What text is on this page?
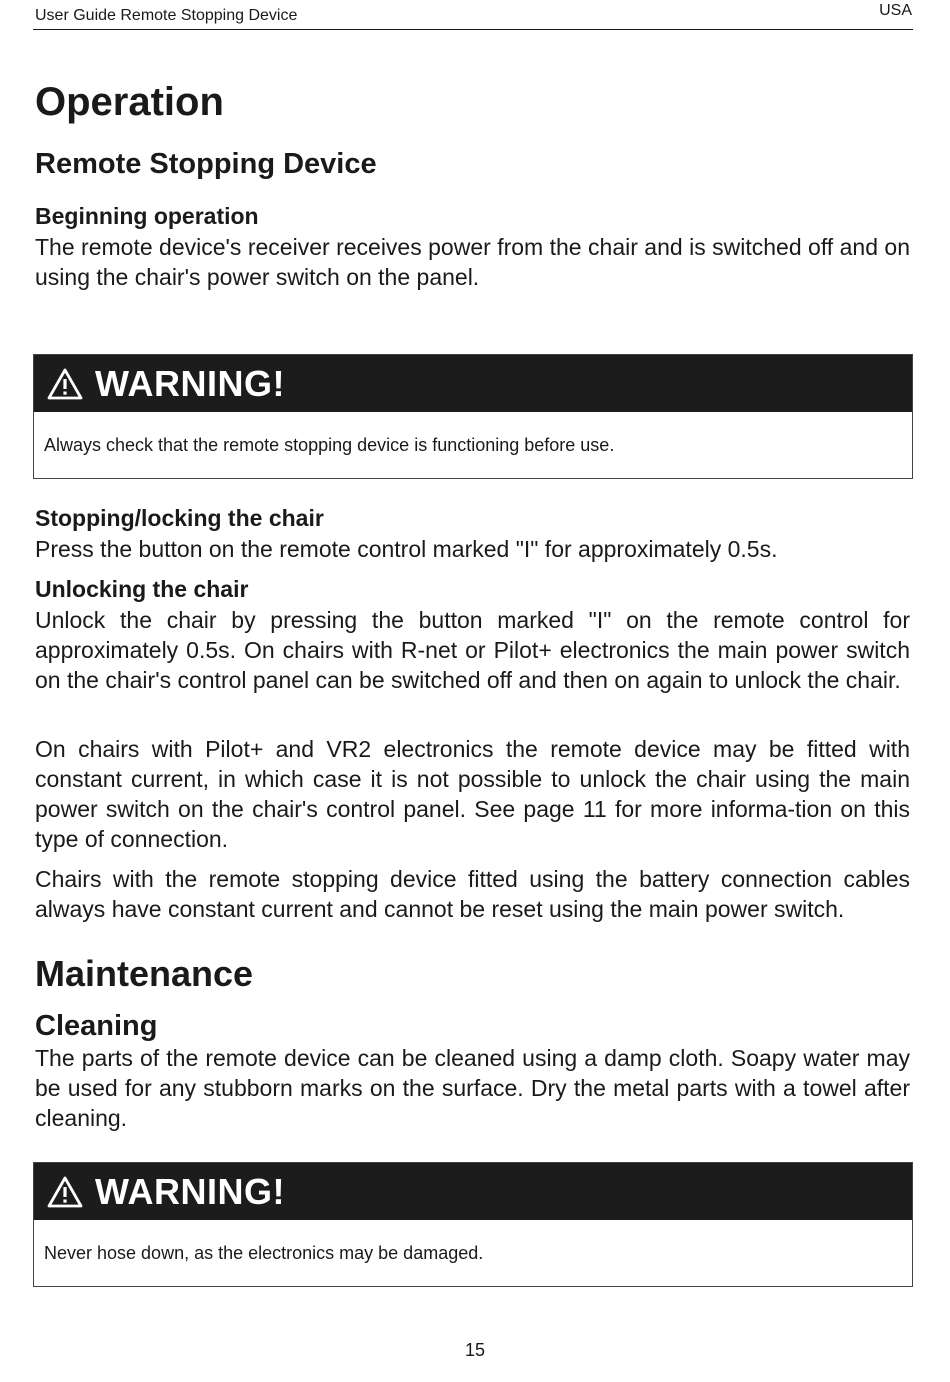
User Guide Remote Stopping Device	USA
Operation
Remote Stopping Device
Beginning operation

The remote device's receiver receives power from the chair and is switched off and on using the chair's power switch on the panel.

WARNING!
Always check that the remote stopping device is functioning before use.
Stopping/locking the chair

Press the button on the remote control marked "I" for approximately 0.5s.

Unlocking the chair

Unlock the chair by pressing the button marked "I" on the remote control for approximately 0.5s. On chairs with R-net or Pilot+ electronics the main power switch on the chair's control panel can be switched off and then on again to unlock the chair.

On chairs with Pilot+ and VR2 electronics the remote device may be fitted with constant current, in which case it is not possible to unlock the chair using the main power switch on the chair's control panel. See page 11 for more informa-tion on this type of connection.

Chairs with the remote stopping device fitted using the battery connection cables always have constant current and cannot be reset using the main power switch.

Maintenance
Cleaning

The parts of the remote device can be cleaned using a damp cloth. Soapy water may be used for any stubborn marks on the surface. Dry the metal parts with a towel after cleaning.

WARNING!
Never hose down, as the electronics may be damaged.
15
